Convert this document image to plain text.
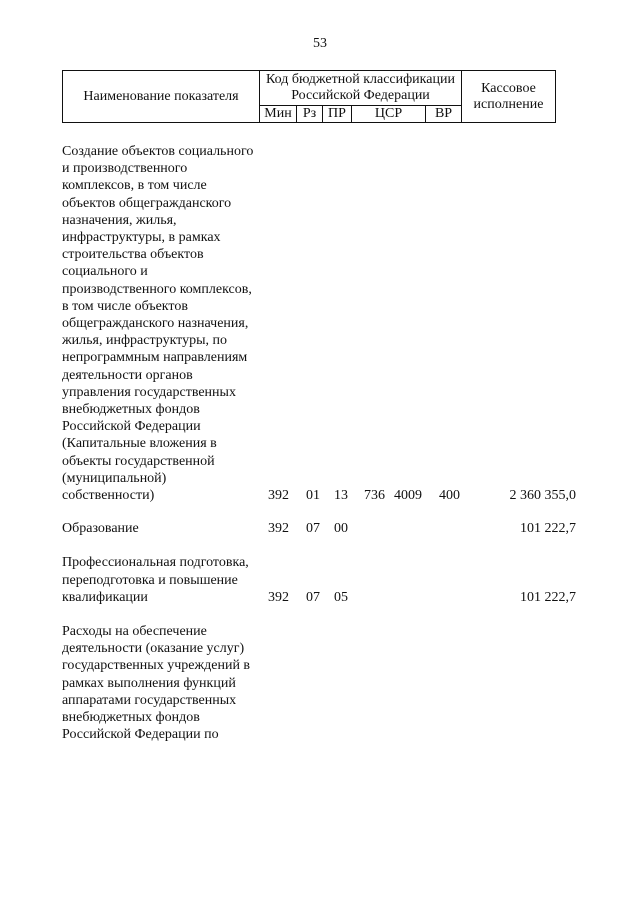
53
Наименование показателя	Код бюджетной классификации Российской Федерации					Кассовое исполнение
	Мин	Рз	ПР	ЦСР	ВР	
Создание объектов социального и производственного комплексов, в том числе объектов общегражданского назначения, жилья, инфраструктуры, в рамках строительства объектов социального и производственного комплексов, в том числе объектов общегражданского назначения, жилья, инфраструктуры, по непрограммным направлениям деятельности органов управления государственных внебюджетных фондов Российской Федерации (Капитальные вложения в объекты государственной (муниципальной) собственности)	392 01 13 736 4009 400	2 360 355,0
Образование	392 07 00	101 222,7
Профессиональная подготовка, переподготовка и повышение квалификации	392 07 05	101 222,7
Расходы на обеспечение деятельности (оказание услуг) государственных учреждений в рамках выполнения функций аппаратами государственных внебюджетных фондов Российской Федерации по
